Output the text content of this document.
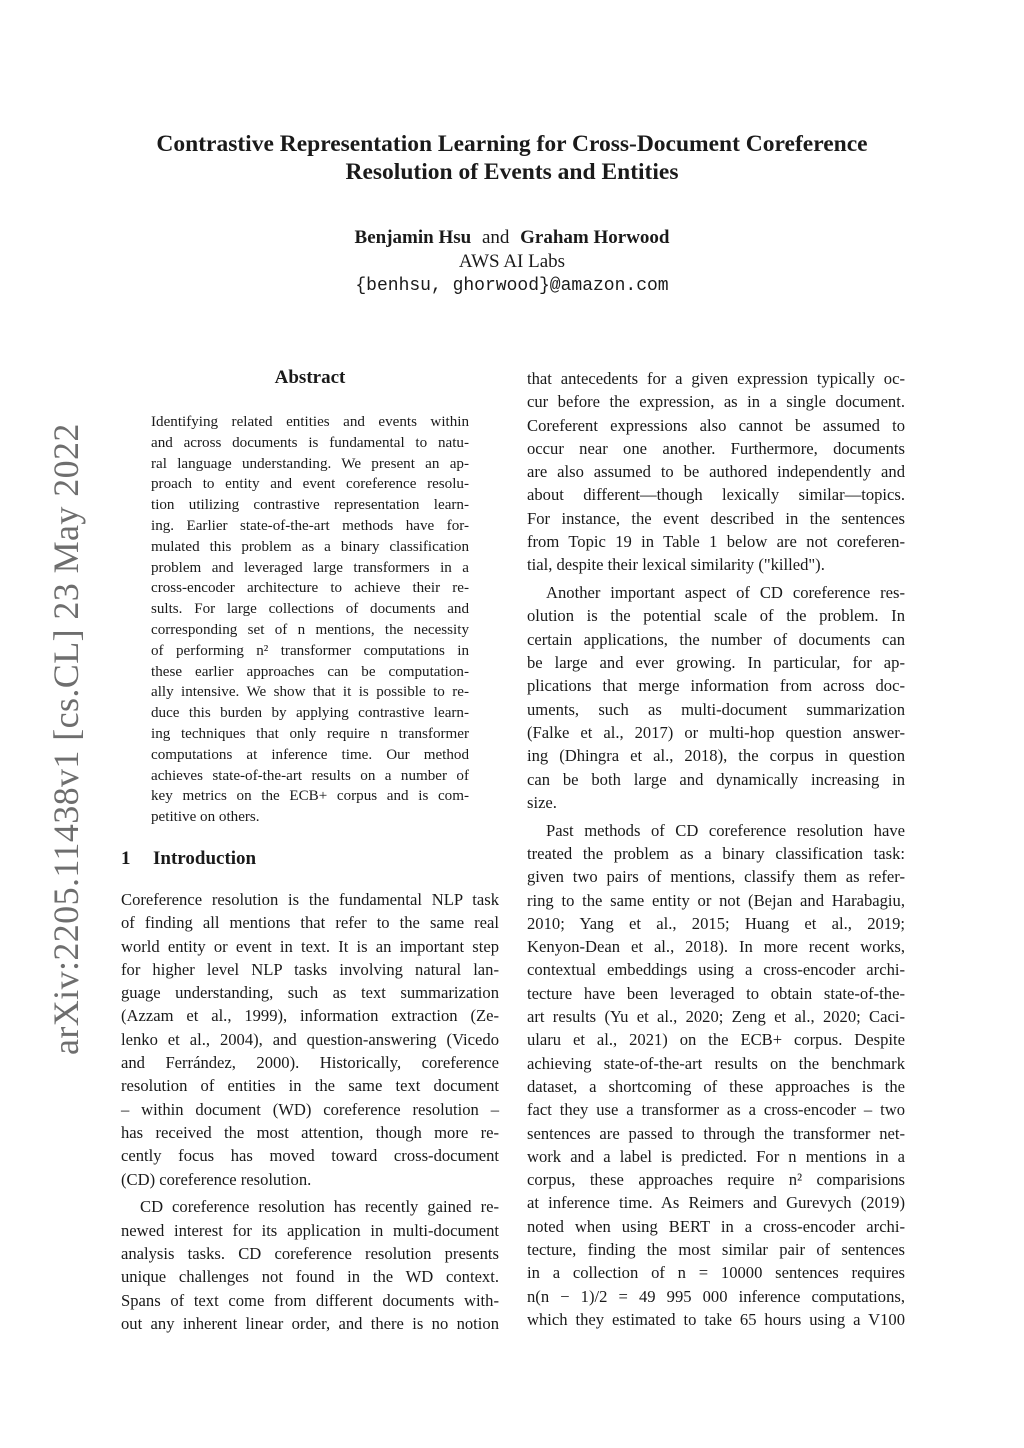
Contrastive Representation Learning for Cross-Document Coreference
Resolution of Events and Entities
Benjamin Hsu and Graham Horwood
AWS AI Labs
{benhsu, ghorwood}@amazon.com
arXiv:2205.11438v1 [cs.CL] 23 May 2022
Abstract
Identifying related entities and events within
and across documents is fundamental to natu-
ral language understanding. We present an ap-
proach to entity and event coreference resolu-
tion utilizing contrastive representation learn-
ing. Earlier state-of-the-art methods have for-
mulated this problem as a binary classification
problem and leveraged large transformers in a
cross-encoder architecture to achieve their re-
sults. For large collections of documents and
corresponding set of n mentions, the necessity
of performing n² transformer computations in
these earlier approaches can be computation-
ally intensive. We show that it is possible to re-
duce this burden by applying contrastive learn-
ing techniques that only require n transformer
computations at inference time. Our method
achieves state-of-the-art results on a number of
key metrics on the ECB+ corpus and is com-
petitive on others.
1 Introduction
Coreference resolution is the fundamental NLP task
of finding all mentions that refer to the same real
world entity or event in text. It is an important step
for higher level NLP tasks involving natural lan-
guage understanding, such as text summarization
(Azzam et al., 1999), information extraction (Ze-
lenko et al., 2004), and question-answering (Vicedo
and Ferrández, 2000). Historically, coreference
resolution of entities in the same text document
– within document (WD) coreference resolution –
has received the most attention, though more re-
cently focus has moved toward cross-document
(CD) coreference resolution.
CD coreference resolution has recently gained re-
newed interest for its application in multi-document
analysis tasks. CD coreference resolution presents
unique challenges not found in the WD context.
Spans of text come from different documents with-
out any inherent linear order, and there is no notion
that antecedents for a given expression typically oc-
cur before the expression, as in a single document.
Coreferent expressions also cannot be assumed to
occur near one another. Furthermore, documents
are also assumed to be authored independently and
about different—though lexically similar—topics.
For instance, the event described in the sentences
from Topic 19 in Table 1 below are not coreferen-
tial, despite their lexical similarity ("killed").
Another important aspect of CD coreference res-
olution is the potential scale of the problem. In
certain applications, the number of documents can
be large and ever growing. In particular, for ap-
plications that merge information from across doc-
uments, such as multi-document summarization
(Falke et al., 2017) or multi-hop question answer-
ing (Dhingra et al., 2018), the corpus in question
can be both large and dynamically increasing in
size.
Past methods of CD coreference resolution have
treated the problem as a binary classification task:
given two pairs of mentions, classify them as refer-
ring to the same entity or not (Bejan and Harabagiu,
2010; Yang et al., 2015; Huang et al., 2019;
Kenyon-Dean et al., 2018). In more recent works,
contextual embeddings using a cross-encoder archi-
tecture have been leveraged to obtain state-of-the-
art results (Yu et al., 2020; Zeng et al., 2020; Caci-
ularu et al., 2021) on the ECB+ corpus. Despite
achieving state-of-the-art results on the benchmark
dataset, a shortcoming of these approaches is the
fact they use a transformer as a cross-encoder – two
sentences are passed to through the transformer net-
work and a label is predicted. For n mentions in a
corpus, these approaches require n² comparisions
at inference time. As Reimers and Gurevych (2019)
noted when using BERT in a cross-encoder archi-
tecture, finding the most similar pair of sentences
in a collection of n = 10000 sentences requires
n(n − 1)/2 = 49 995 000 inference computations,
which they estimated to take 65 hours using a V100
